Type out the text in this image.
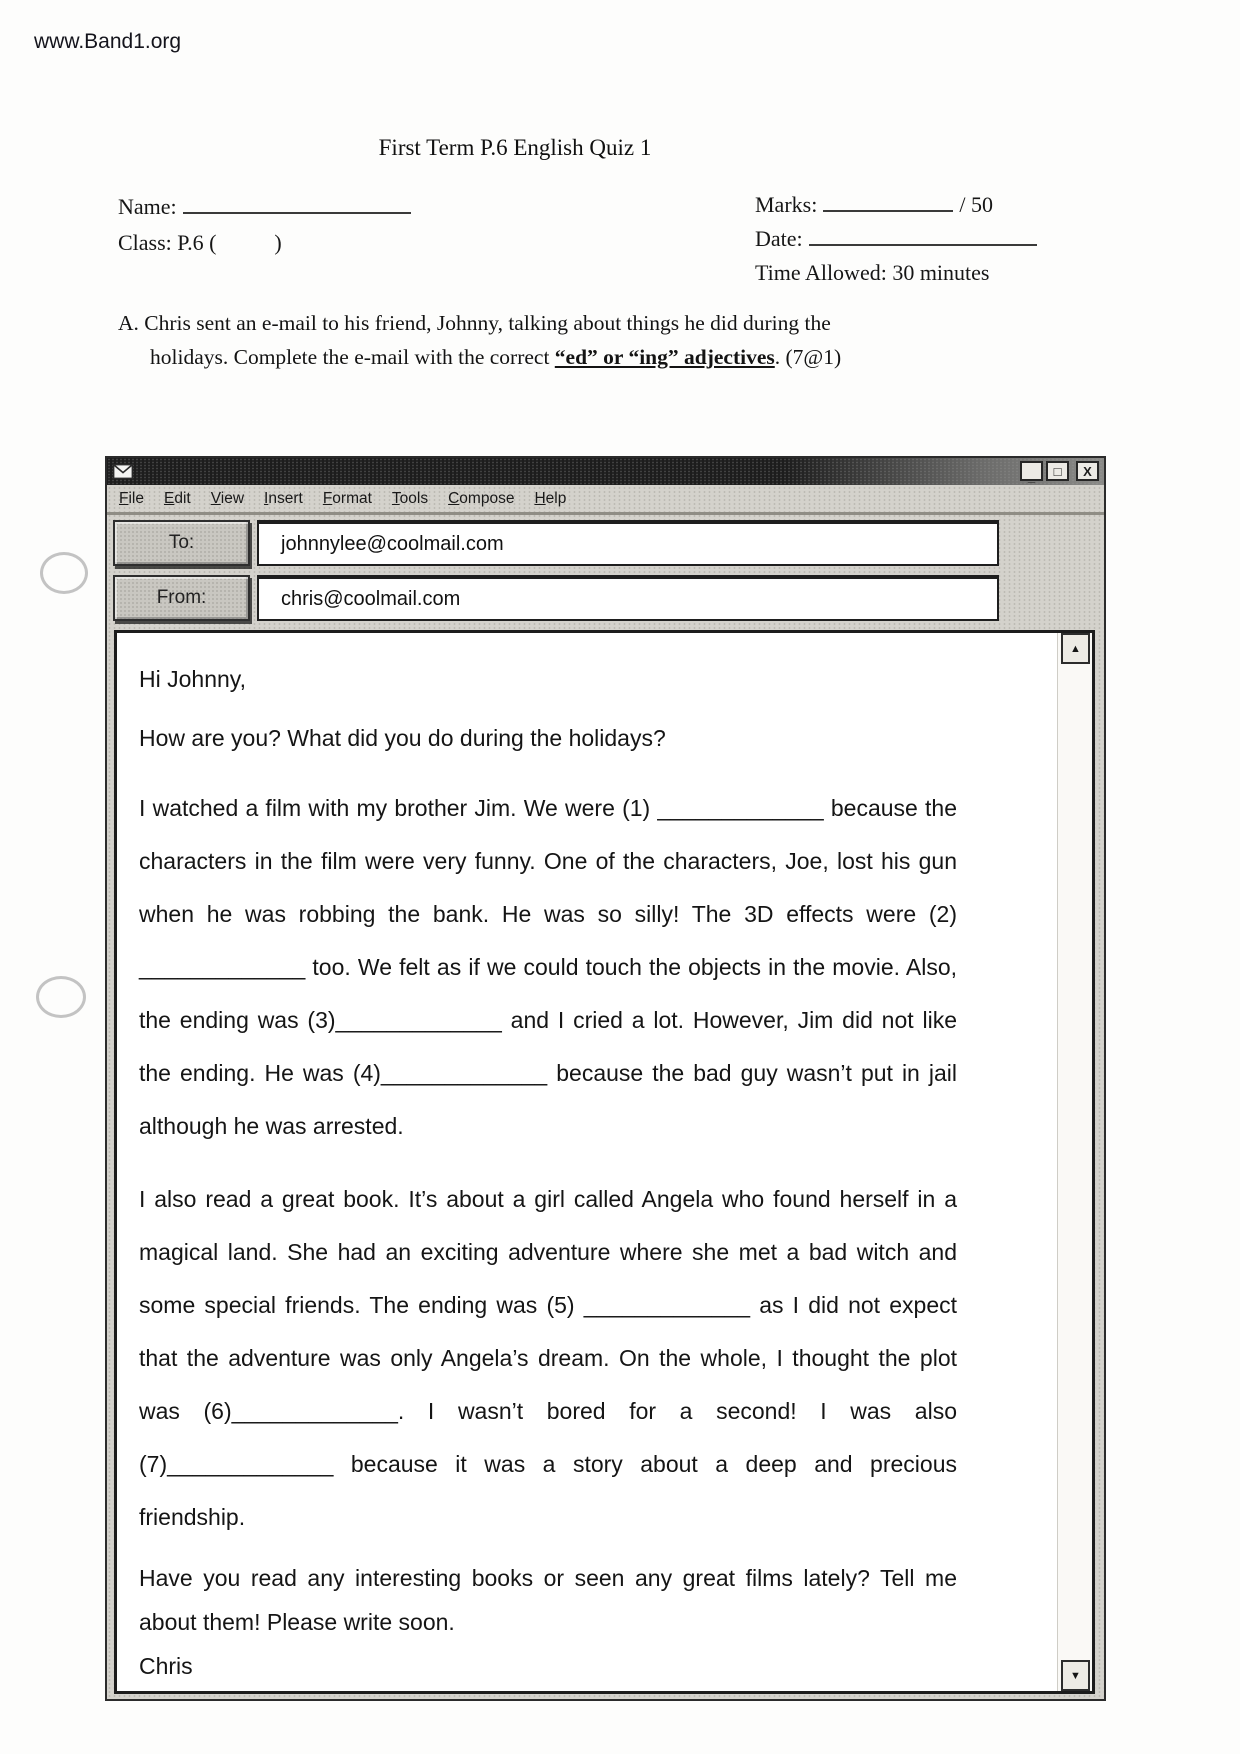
www.Band1.org
First Term P.6 English Quiz 1
Name:
Class: P.6 (	)
Marks:	/ 50
Date:
Time Allowed: 30 minutes
A. Chris sent an e-mail to his friend, Johnny, talking about things he did during the
holidays. Complete the e-mail with the correct “ed” or “ing” adjectives. (7@1)
_ □ X
File Edit View Insert Format Tools Compose Help
To:	johnnylee@coolmail.com
From:	chris@coolmail.com
Hi Johnny,
How are you? What did you do during the holidays?
I watched a film with my brother Jim. We were (1) _____________ because the characters in the film were very funny. One of the characters, Joe, lost his gun when he was robbing the bank. He was so silly! The 3D effects were (2) _____________ too. We felt as if we could touch the objects in the movie. Also, the ending was (3)_____________ and I cried a lot. However, Jim did not like the ending. He was (4)_____________ because the bad guy wasn’t put in jail although he was arrested.
I also read a great book. It’s about a girl called Angela who found herself in a magical land. She had an exciting adventure where she met a bad witch and some special friends. The ending was (5) _____________ as I did not expect that the adventure was only Angela’s dream. On the whole, I thought the plot was (6)_____________. I wasn’t bored for a second! I was also (7)_____________ because it was a story about a deep and precious friendship.
Have you read any interesting books or seen any great films lately? Tell me about them! Please write soon.
Chris
▲
▼
